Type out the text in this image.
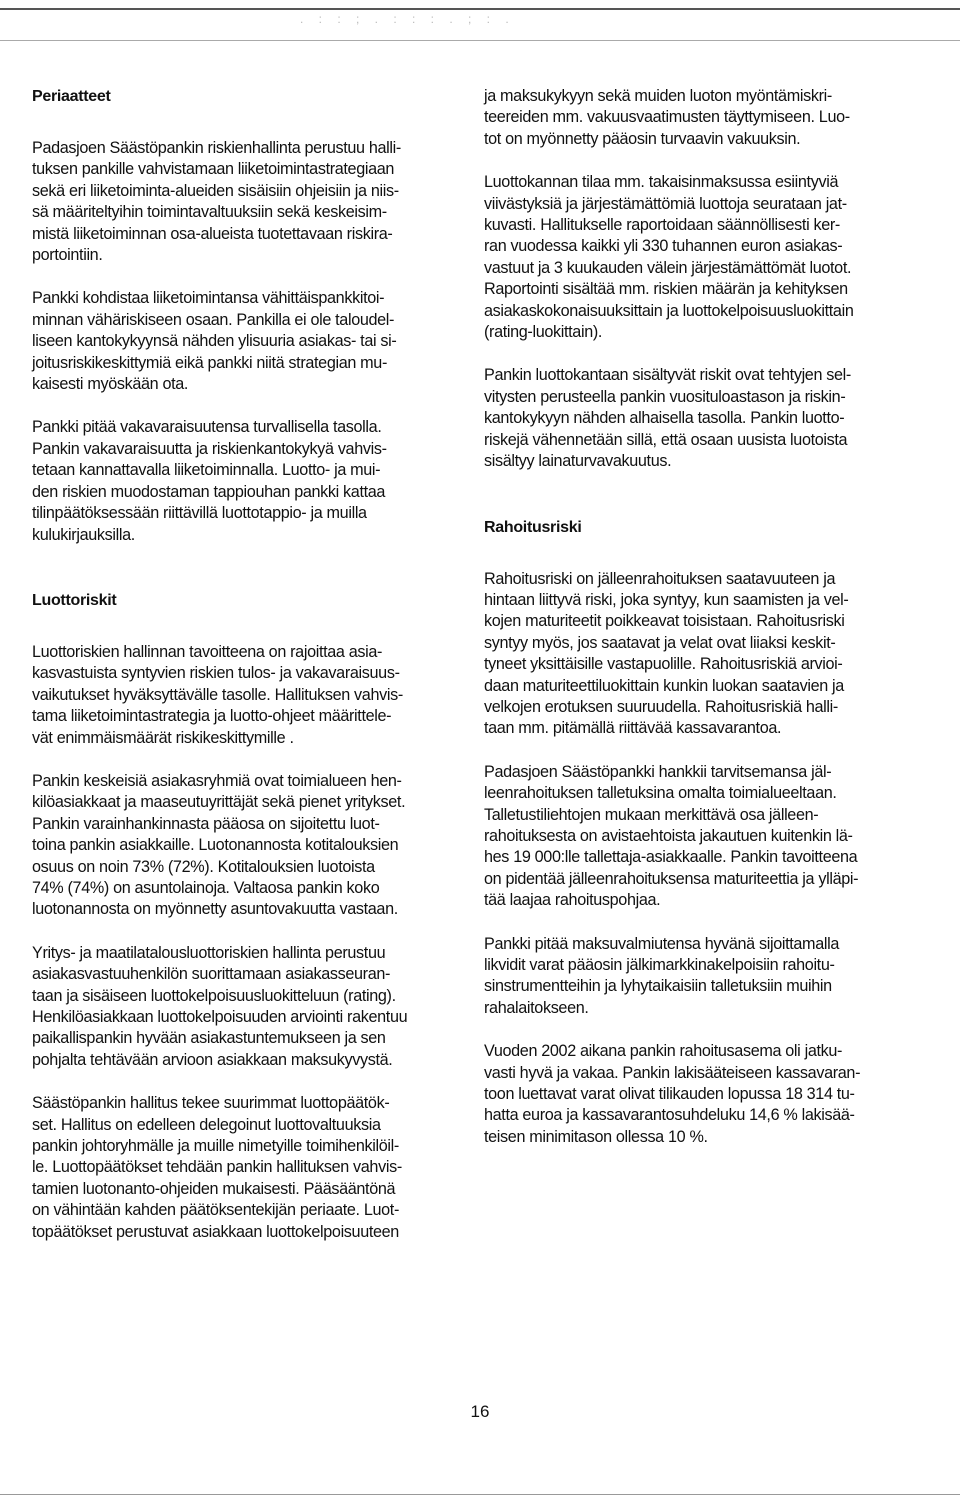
. : : ; . : : : . ; : .
Periaatteet

Padasjoen Säästöpankin riskienhallinta perustuu halli-
tuksen pankille vahvistamaan liiketoimintastrategiaan
sekä eri liiketoiminta-alueiden sisäisiin ohjeisiin ja niis-
sä määriteltyihin toimintavaltuuksiin sekä keskeisim-
mistä liiketoiminnan osa-alueista tuotettavaan riskira-
portointiin.

Pankki kohdistaa liiketoimintansa vähittäispankkitoi-
minnan vähäriskiseen osaan. Pankilla ei ole taloudel-
liseen kantokykyynsä nähden ylisuuria asiakas- tai si-
joitusriskikeskittymiä eikä pankki niitä strategian mu-
kaisesti myöskään ota.

Pankki pitää vakavaraisuutensa turvallisella tasolla.
Pankin vakavaraisuutta ja riskienkantokykyä vahvis-
tetaan kannattavalla liiketoiminnalla. Luotto- ja mui-
den riskien muodostaman tappiouhan pankki kattaa
tilinpäätöksessään riittävillä luottotappio- ja muilla
kulukirjauksilla.

Luottoriskit

Luottoriskien hallinnan tavoitteena on rajoittaa asia-
kasvastuista syntyvien riskien tulos- ja vakavaraisuus-
vaikutukset hyväksyttävälle tasolle. Hallituksen vahvis-
tama liiketoimintastrategia ja luotto-ohjeet määrittele-
vät enimmäismäärät riskikeskittymille .

Pankin keskeisiä asiakasryhmiä ovat toimialueen hen-
kilöasiakkaat ja maaseutuyrittäjät sekä pienet yritykset.
Pankin varainhankinnasta pääosa on sijoitettu luot-
toina pankin asiakkaille. Luotonannosta kotitalouksien
osuus on noin 73% (72%). Kotitalouksien luotoista
74% (74%) on asuntolainoja. Valtaosa pankin koko
luotonannosta on myönnetty asuntovakuutta vastaan.

Yritys- ja maatilatalousluottoriskien hallinta perustuu
asiakasvastuuhenkilön suorittamaan asiakasseuran-
taan ja sisäiseen luottokelpoisuusluokitteluun (rating).
Henkilöasiakkaan luottokelpoisuuden arviointi rakentuu
paikallispankin hyvään asiakastuntemukseen ja sen
pohjalta tehtävään arvioon asiakkaan maksukyvystä.

Säästöpankin hallitus tekee suurimmat luottopäätök-
set. Hallitus on edelleen delegoinut luottovaltuuksia
pankin johtoryhmälle ja muille nimetyille toimihenkilöil-
le. Luottopäätökset tehdään pankin hallituksen vahvis-
tamien luotonanto-ohjeiden mukaisesti. Pääsääntönä
on vähintään kahden päätöksentekijän periaate. Luot-
topäätökset perustuvat asiakkaan luottokelpoisuuteen

ja maksukykyyn sekä muiden luoton myöntämiskri-
teereiden mm. vakuusvaatimusten täyttymiseen. Luo-
tot on myönnetty pääosin turvaavin vakuuksin.

Luottokannan tilaa mm. takaisinmaksussa esiintyviä
viivästyksiä ja järjestämättömiä luottoja seurataan jat-
kuvasti. Hallitukselle raportoidaan säännöllisesti ker-
ran vuodessa kaikki yli 330 tuhannen euron asiakas-
vastuut ja 3 kuukauden välein järjestämättömät luotot.
Raportointi sisältää mm. riskien määrän ja kehityksen
asiakaskokonaisuuksittain ja luottokelpoisuusluokittain
(rating-luokittain).

Pankin luottokantaan sisältyvät riskit ovat tehtyjen sel-
vitysten perusteella pankin vuosituloastason ja riskin-
kantokykyyn nähden alhaisella tasolla. Pankin luotto-
riskejä vähennetään sillä, että osaan uusista luotoista
sisältyy lainaturvavakuutus.

Rahoitusriski

Rahoitusriski on jälleenrahoituksen saatavuuteen ja
hintaan liittyvä riski, joka syntyy, kun saamisten ja vel-
kojen maturiteetit poikkeavat toisistaan. Rahoitusriski
syntyy myös, jos saatavat ja velat ovat liiaksi keskit-
tyneet yksittäisille vastapuolille. Rahoitusriskiä arvioi-
daan maturiteettiluokittain kunkin luokan saatavien ja
velkojen erotuksen suuruudella. Rahoitusriskiä halli-
taan mm. pitämällä riittävää kassavarantoa.

Padasjoen Säästöpankki hankkii tarvitsemansa jäl-
leenrahoituksen talletuksina omalta toimialueeltaan.
Talletustiliehtojen mukaan merkittävä osa jälleen-
rahoituksesta on avistaehtoista jakautuen kuitenkin lä-
hes 19 000:lle tallettaja-asiakkaalle. Pankin tavoitteena
on pidentää jälleenrahoituksensa maturiteettia ja ylläpi-
tää laajaa rahoituspohjaa.

Pankki pitää maksuvalmiutensa hyvänä sijoittamalla
likvidit varat pääosin jälkimarkkinakelpoisiin rahoitu-
sinstrumentteihin ja lyhytaikaisiin talletuksiin muihin
rahalaitokseen.

Vuoden 2002 aikana pankin rahoitusasema oli jatku-
vasti hyvä ja vakaa. Pankin lakisääteiseen kassavaran-
toon luettavat varat olivat tilikauden lopussa 18 314 tu-
hatta euroa ja kassavarantosuhdeluku 14,6 % lakisää-
teisen minimitason ollessa 10 %.

16
